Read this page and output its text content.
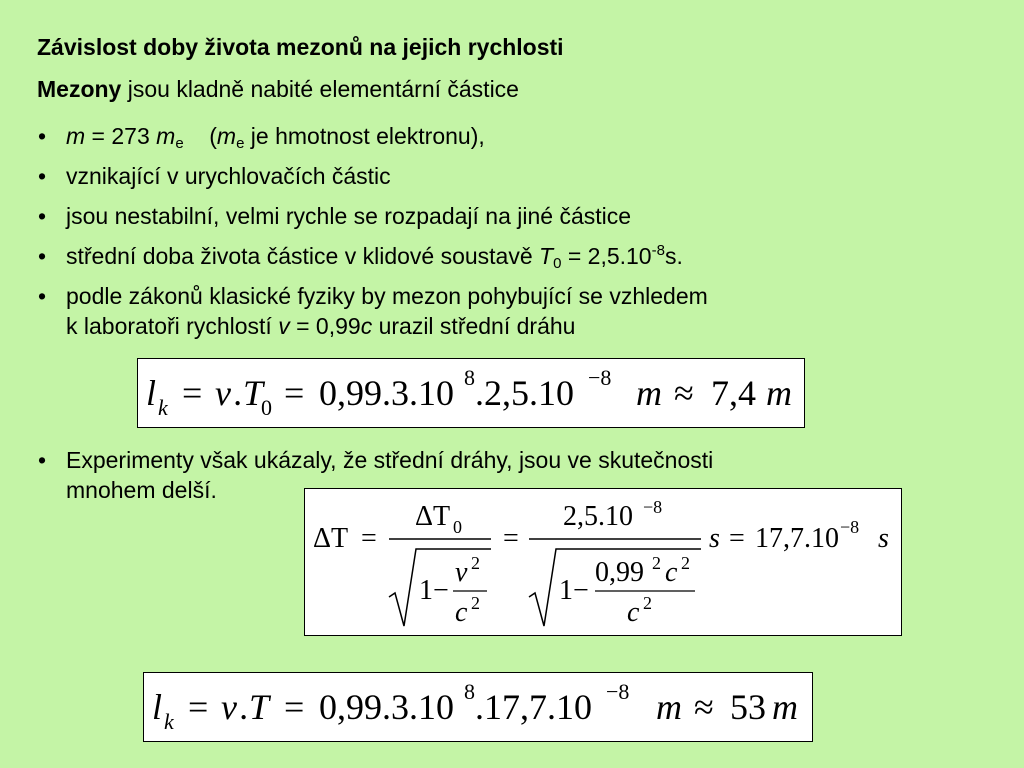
Závislost doby života mezonů na jejich rychlosti
Mezony jsou kladně nabité elementární částice
• m = 273 $m_e$    ($m_e$ je hmotnost elektronu),
• vznikající v urychlovačích částic
• jsou nestabilní, velmi rychle se rozpadají na jiné částice
• střední doba života částice v klidové soustavě $T_0 = 2,5.10^{-8}s$.
• podle zákonů klasické fyziky by mezon pohybující se vzhledem
k laboratoři rychlostí v = 0,99c urazil střední dráhu
l k = v .T
0 = 0,99.3.10 8 .2,5.10 −8 m ≈ 7,4 m
• Experimenty však ukázaly, že střední dráhy, jsou ve skutečnosti
mnohem delší.
ΔT =
ΔT 0
1 −
v 2
c 2
=
2,5.10 −8
1 −
0,99 2 c 2
c 2
s = 17,7.10 −8 s
l k = v .T = 0,99.3.10 8 .17,7.10 −8 m ≈ 53 m
